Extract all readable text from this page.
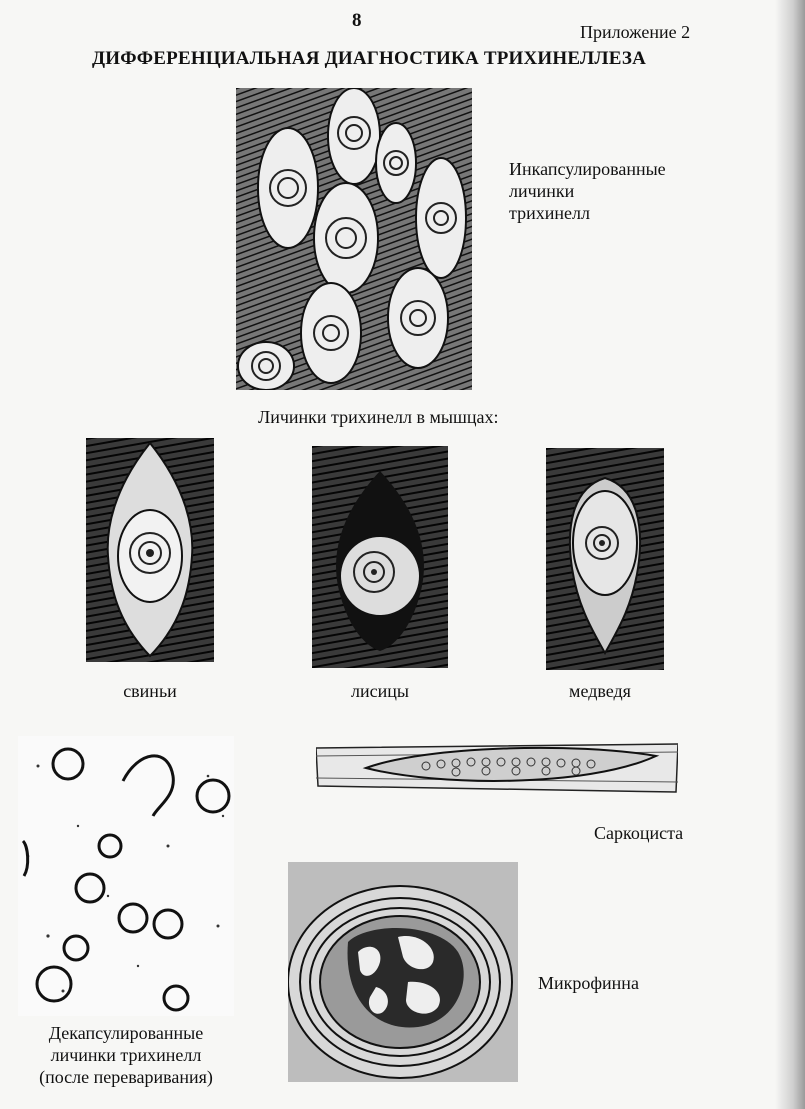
8
Приложение 2
ДИФФЕРЕНЦИАЛЬНАЯ ДИАГНОСТИКА ТРИХИНЕЛЛЕЗА
Инкапсулированные
личинки
трихинелл
Личинки трихинелл в мышцах:
свиньи	лисицы	медведя
Декапсулированные
личинки трихинелл
(после переваривания)
Саркоциста
Микрофинна
